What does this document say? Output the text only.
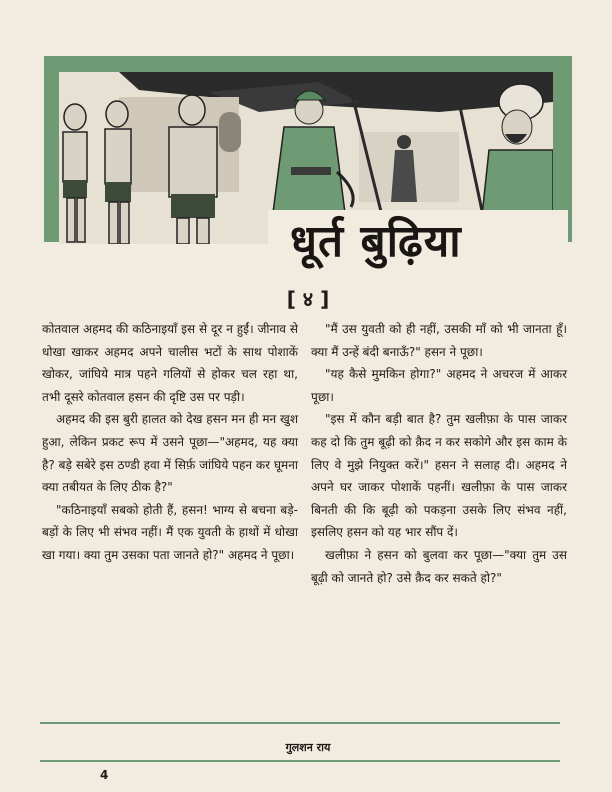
धूर्त बुढ़िया
[ ४ ]

कोतवाल अहमद की कठिनाइयाँ इस से दूर न हुईं। जीनाव से धोखा खाकर अहमद अपने चालीस भटों के साथ पोशाकें खोकर, जांघिये मात्र पहने गलियों से होकर चल रहा था, तभी दूसरे कोतवाल हसन की दृष्टि उस पर पड़ी।

अहमद की इस बुरी हालत को देख हसन मन ही मन खुश हुआ, लेकिन प्रकट रूप में उसने पूछा—"अहमद, यह क्या है? बड़े सबेरे इस ठण्डी हवा में सिर्फ़ जांघिये पहन कर घूमना क्या तबीयत के लिए ठीक है?"

"कठिनाइयाँ सबको होती हैं, हसन! भाग्य से बचना बड़े-बड़ों के लिए भी संभव नहीं। मैं एक युवती के हाथों में धोखा खा गया। क्या तुम उसका पता जानते हो?" अहमद ने पूछा।

"मैं उस युवती को ही नहीं, उसकी माँ को भी जानता हूँ। क्या मैं उन्हें बंदी बनाऊँ?" हसन ने पूछा।

"यह कैसे मुमकिन होगा?" अहमद ने अचरज में आकर पूछा।

"इस में कौन बड़ी बात है? तुम खलीफ़ा के पास जाकर कह दो कि तुम बूढ़ी को क़ैद न कर सकोगे और इस काम के लिए वे मुझे नियुक्त करें।" हसन ने सलाह दी। अहमद ने अपने घर जाकर पोशाकें पहनीं। खलीफ़ा के पास जाकर बिनती की कि बूढ़ी को पकड़ना उसके लिए संभव नहीं, इसलिए हसन को यह भार सौंप दें।

खलीफ़ा ने हसन को बुलवा कर पूछा—"क्या तुम उस बूढ़ी को जानते हो? उसे क़ैद कर सकते हो?"

गुलशन राय
4
